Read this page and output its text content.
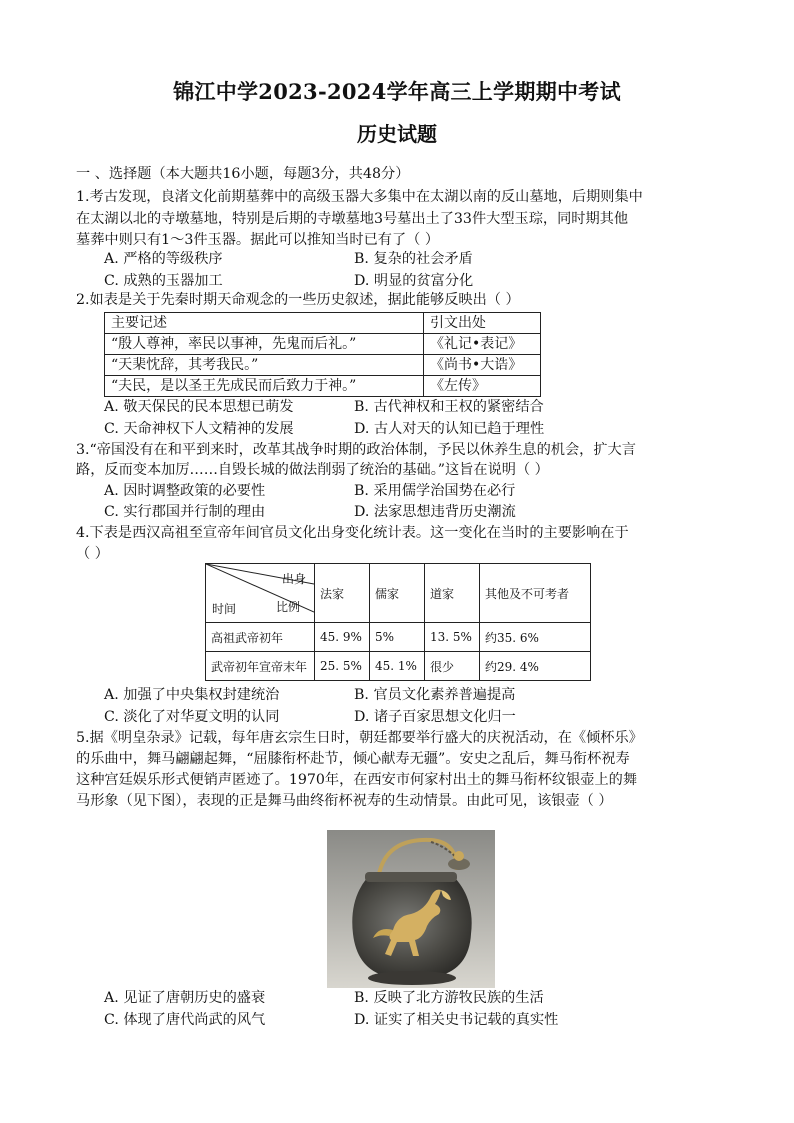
锦江中学2023-2024学年高三上学期期中考试
历史试题
一 、选择题（本大题共16小题，每题3分，共48分）
1.考古发现，良渚文化前期墓葬中的高级玉器大多集中在太湖以南的反山墓地，后期则集中
在太湖以北的寺墩墓地，特别是后期的寺墩墓地3号墓出土了33件大型玉琮，同时期其他
墓葬中则只有1～3件玉器。据此可以推知当时已有了（ ）
A. 严格的等级秩序	B. 复杂的社会矛盾
C. 成熟的玉器加工	D. 明显的贫富分化
2.如表是关于先秦时期天命观念的一些历史叙述，据此能够反映出（ ）
主要记述	引文出处
“殷人尊神，率民以事神，先鬼而后礼。”	《礼记•表记》
“天棐忱辞，其考我民。”	《尚书•大诰》
“夫民，是以圣王先成民而后致力于神。”	《左传》
A. 敬天保民的民本思想已萌发	B. 古代神权和王权的紧密结合
C. 天命神权下人文精神的发展	D. 古人对天的认知已趋于理性
3.“帝国没有在和平到来时，改革其战争时期的政治体制，予民以休养生息的机会，扩大言
路，反而变本加厉……自毁长城的做法削弱了统治的基础。”这旨在说明（ ）
A. 因时调整政策的必要性	B. 采用儒学治国势在必行
C. 实行郡国并行制的理由	D. 法家思想违背历史潮流
4.下表是西汉高祖至宣帝年间官员文化出身变化统计表。这一变化在当时的主要影响在于
（ ）
出身
比例
时间	法家	儒家	道家	其他及不可考者
高祖武帝初年	45. 9%	5%	13. 5%	约35. 6%
武帝初年宣帝末年	25. 5%	45. 1%	很少	约29. 4%
A. 加强了中央集权封建统治	B. 官员文化素养普遍提高
C. 淡化了对华夏文明的认同	D. 诸子百家思想文化归一
5.据《明皇杂录》记载，每年唐玄宗生日时，朝廷都要举行盛大的庆祝活动，在《倾杯乐》
的乐曲中，舞马翩翩起舞，“屈膝衔杯赴节，倾心献寿无疆”。安史之乱后，舞马衔杯祝寿
这种宫廷娱乐形式便销声匿迹了。1970年，在西安市何家村出土的舞马衔杯纹银壶上的舞
马形象（见下图），表现的正是舞马曲终衔杯祝寿的生动情景。由此可见，该银壶（ ）
A. 见证了唐朝历史的盛衰	B. 反映了北方游牧民族的生活
C. 体现了唐代尚武的风气	D. 证实了相关史书记载的真实性
